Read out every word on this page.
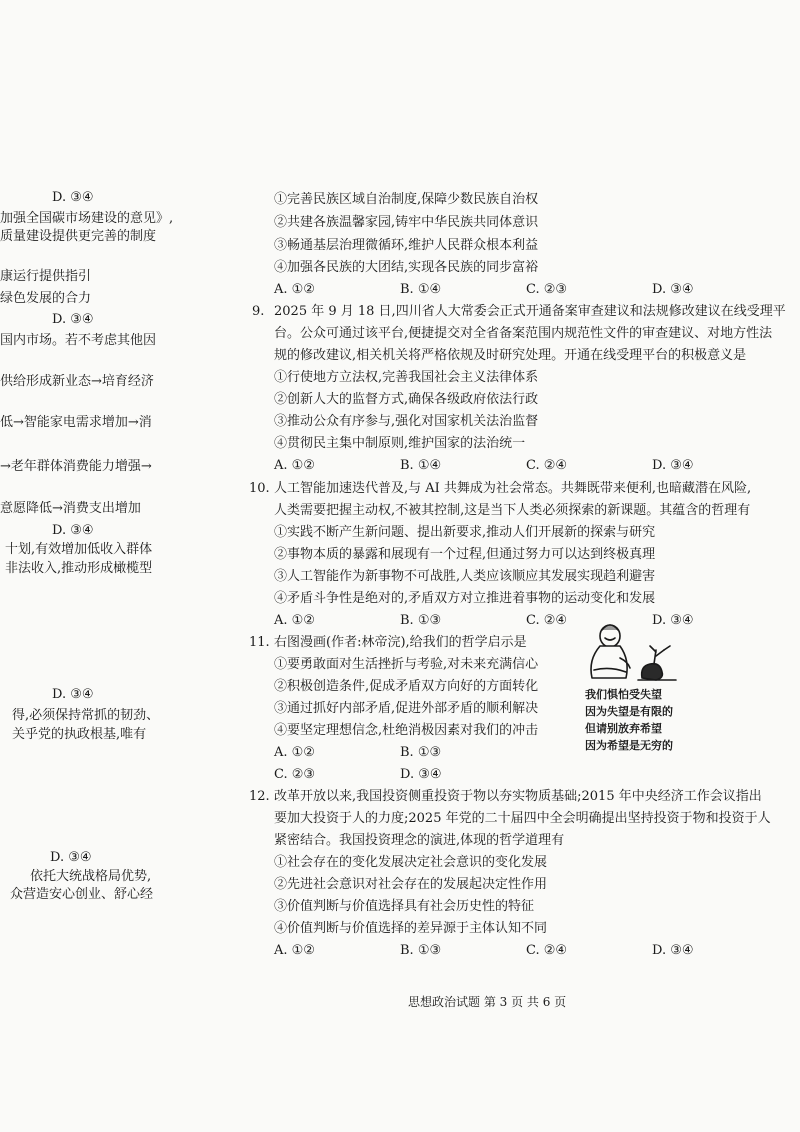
D. ③④
加强全国碳市场建设的意见》,
质量建设提供更完善的制度
康运行提供指引
绿色发展的合力
D. ③④
国内市场。若不考虑其他因
供给形成新业态→培育经济
低→智能家电需求增加→消
→老年群体消费能力增强→
意愿降低→消费支出增加
D. ③④
十划,有效增加低收入群体
非法收入,推动形成橄榄型
D. ③④
得,必须保持常抓的韧劲、
关乎党的执政根基,唯有
D. ③④
依托大统战格局优势,
众营造安心创业、舒心经
①完善民族区域自治制度,保障少数民族自治权
②共建各族温馨家园,铸牢中华民族共同体意识
③畅通基层治理微循环,维护人民群众根本利益
④加强各民族的大团结,实现各民族的同步富裕
A. ①②	B. ①④	C. ②③	D. ③④
9. 2025 年 9 月 18 日,四川省人大常委会正式开通备案审查建议和法规修改建议在线受理平
台。公众可通过该平台,便捷提交对全省备案范围内规范性文件的审查建议、对地方性法
规的修改建议,相关机关将严格依规及时研究处理。开通在线受理平台的积极意义是
①行使地方立法权,完善我国社会主义法律体系
②创新人大的监督方式,确保各级政府依法行政
③推动公众有序参与,强化对国家机关法治监督
④贯彻民主集中制原则,维护国家的法治统一
A. ①②	B. ①④	C. ②④	D. ③④
10. 人工智能加速迭代普及,与 AI 共舞成为社会常态。共舞既带来便利,也暗藏潜在风险,
人类需要把握主动权,不被其控制,这是当下人类必须探索的新课题。其蕴含的哲理有
①实践不断产生新问题、提出新要求,推动人们开展新的探索与研究
②事物本质的暴露和展现有一个过程,但通过努力可以达到终极真理
③人工智能作为新事物不可战胜,人类应该顺应其发展实现趋利避害
④矛盾斗争性是绝对的,矛盾双方对立推进着事物的运动变化和发展
A. ①②	B. ①③	C. ②④	D. ③④
11. 右图漫画(作者:林帝浣),给我们的哲学启示是
①要勇敢面对生活挫折与考验,对未来充满信心
②积极创造条件,促成矛盾双方向好的方面转化
③通过抓好内部矛盾,促进外部矛盾的顺利解决
④要坚定理想信念,杜绝消极因素对我们的冲击
A. ①②	B. ①③
C. ②③	D. ③④
我们惧怕受失望
因为失望是有限的
但请别放弃希望
因为希望是无穷的
12. 改革开放以来,我国投资侧重投资于物以夯实物质基础;2015 年中央经济工作会议指出
要加大投资于人的力度;2025 年党的二十届四中全会明确提出坚持投资于物和投资于人
紧密结合。我国投资理念的演进,体现的哲学道理有
①社会存在的变化发展决定社会意识的变化发展
②先进社会意识对社会存在的发展起决定性作用
③价值判断与价值选择具有社会历史性的特征
④价值判断与价值选择的差异源于主体认知不同
A. ①②	B. ①③	C. ②④	D. ③④
思想政治试题 第 3 页 共 6 页
